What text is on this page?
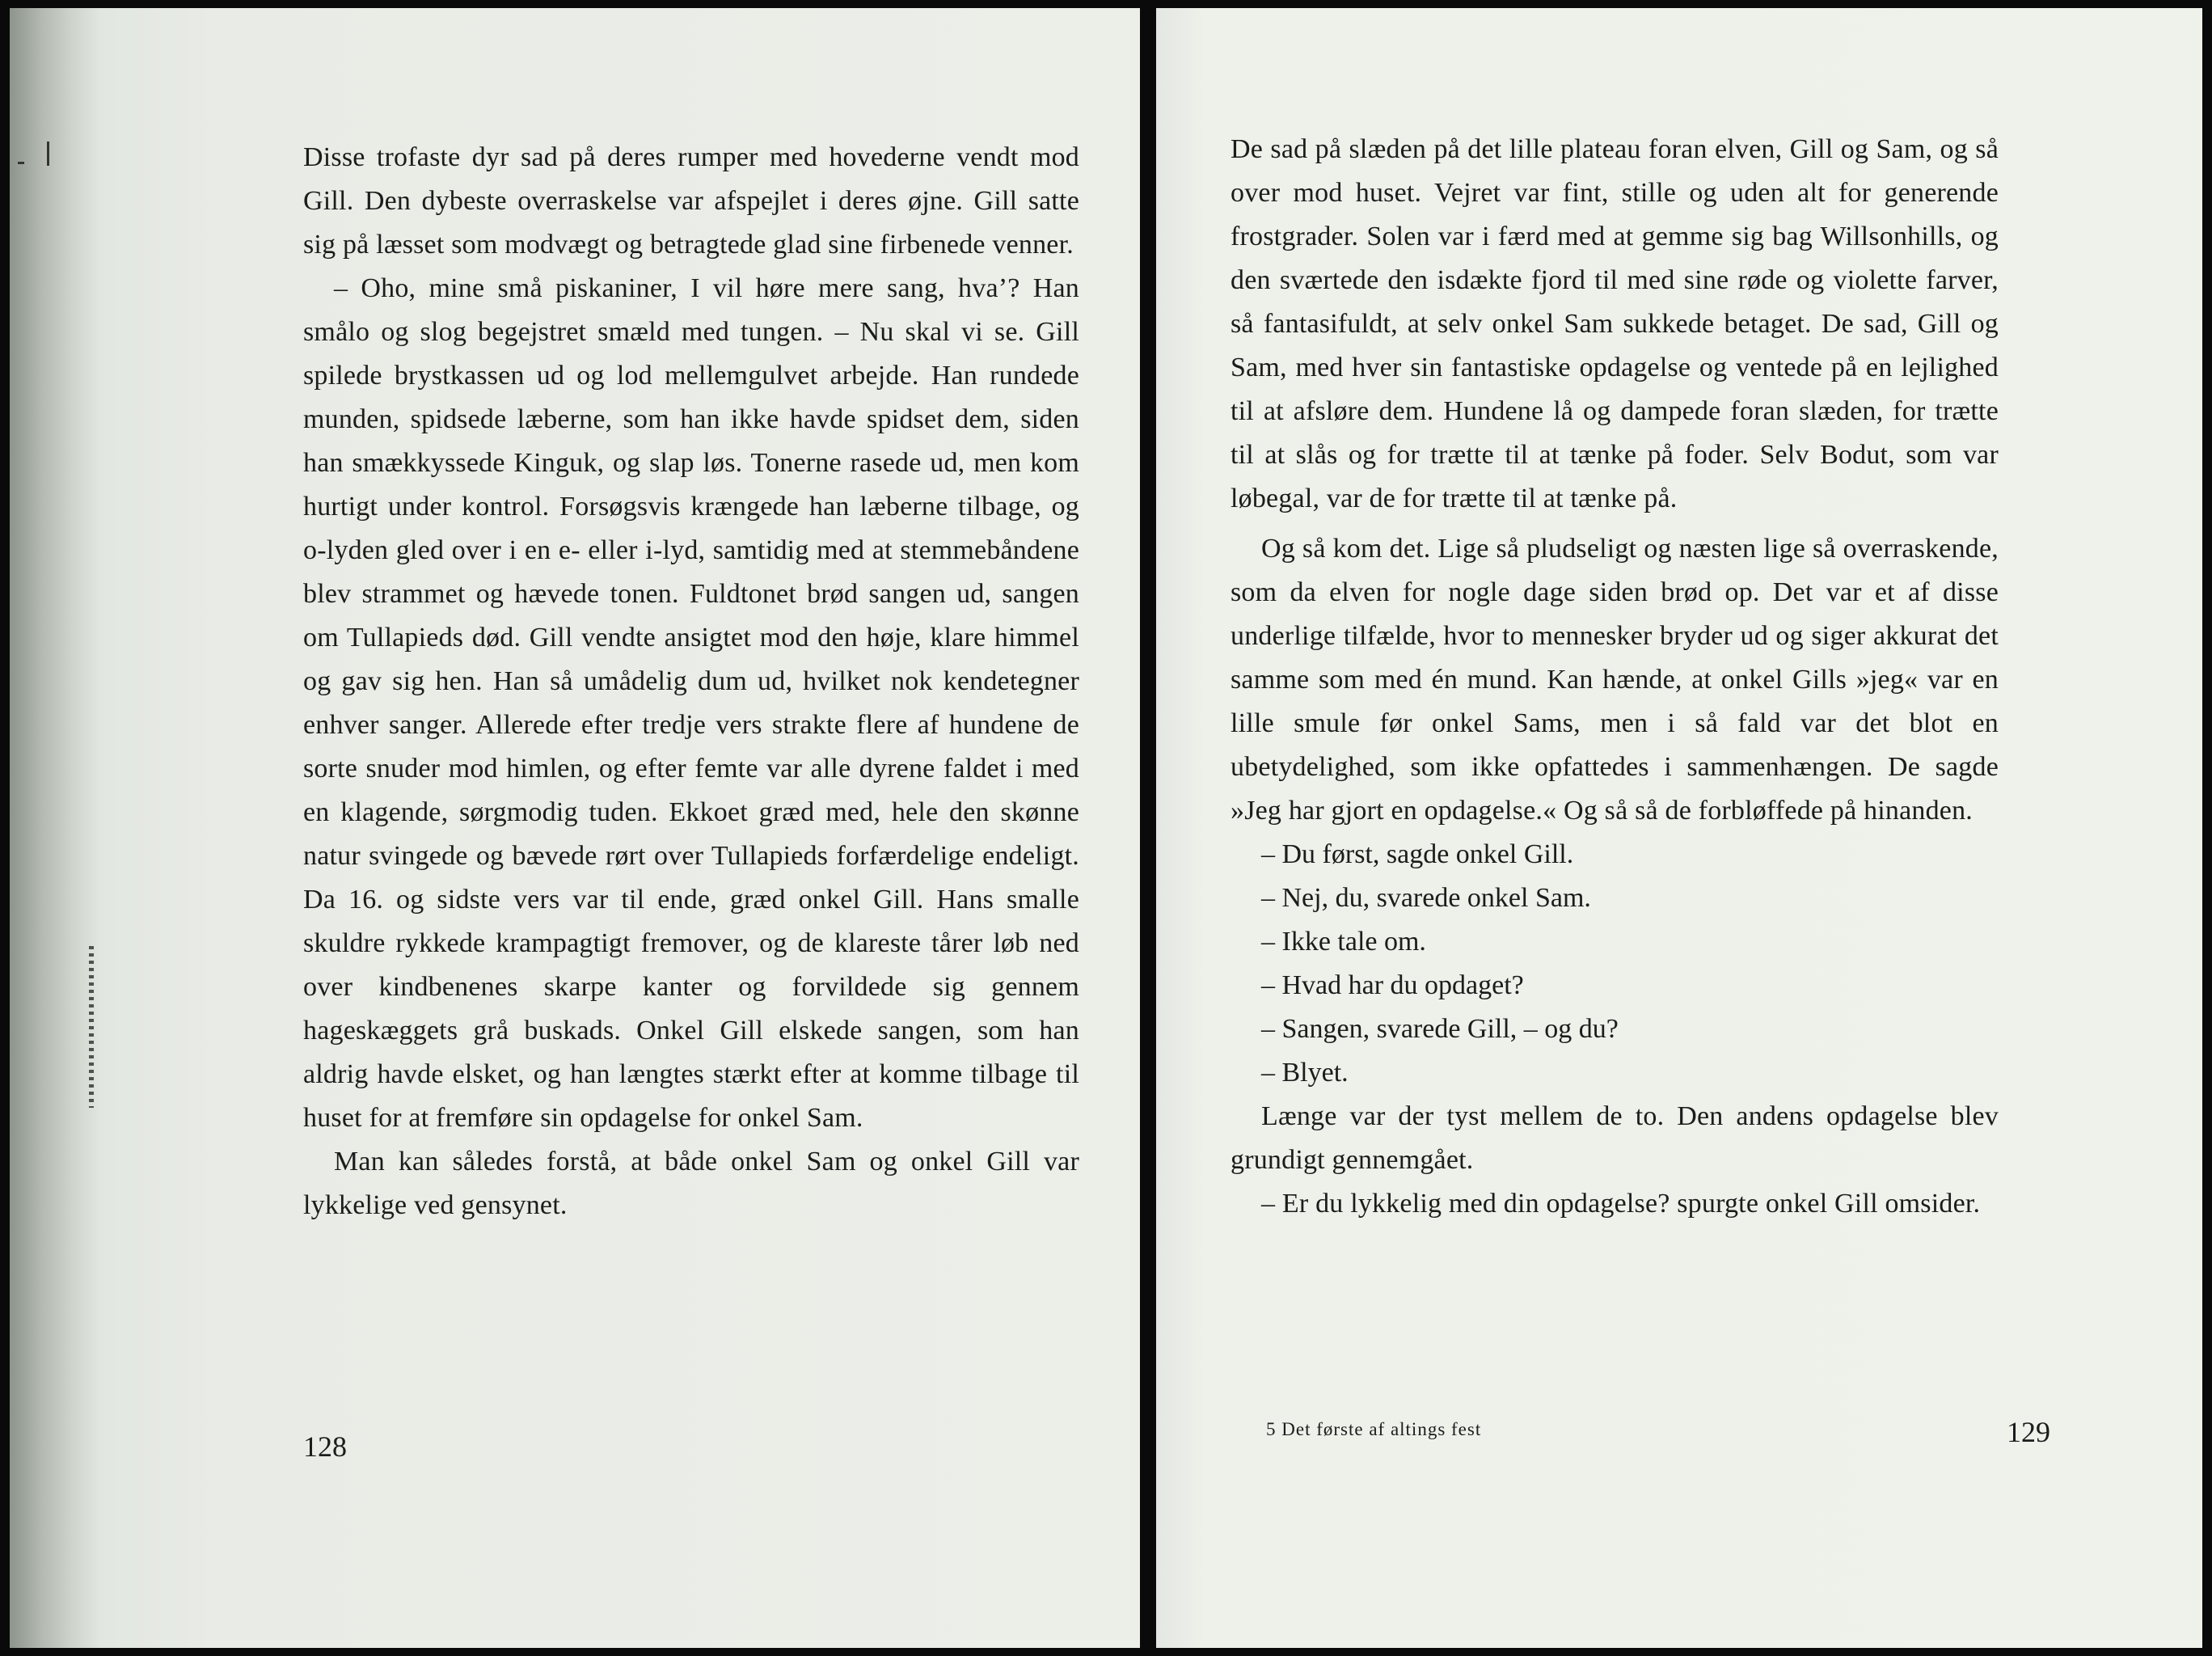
Disse trofaste dyr sad på deres rumper med hovederne vendt mod Gill. Den dybeste overraskelse var afspejlet i deres øjne. Gill satte sig på læsset som modvægt og betragtede glad sine firbenede venner.

– Oho, mine små piskaniner, I vil høre mere sang, hva’? Han smålo og slog begejstret smæld med tungen. – Nu skal vi se. Gill spilede brystkassen ud og lod mellemgulvet arbejde. Han rundede munden, spidsede læberne, som han ikke havde spidset dem, siden han smækkyssede Kinguk, og slap løs. Tonerne rasede ud, men kom hurtigt under kontrol. Forsøgsvis krængede han læberne tilbage, og o-lyden gled over i en e- eller i-lyd, samtidig med at stemmebåndene blev strammet og hævede tonen. Fuldtonet brød sangen ud, sangen om Tullapieds død. Gill vendte ansigtet mod den høje, klare himmel og gav sig hen. Han så umådelig dum ud, hvilket nok kendetegner enhver sanger. Allerede efter tredje vers strakte flere af hundene de sorte snuder mod himlen, og efter femte var alle dyrene faldet i med en klagende, sørgmodig tuden. Ekkoet græd med, hele den skønne natur svingede og bævede rørt over Tullapieds forfærdelige endeligt. Da 16. og sidste vers var til ende, græd onkel Gill. Hans smalle skuldre rykkede krampagtigt fremover, og de klareste tårer løb ned over kindbenenes skarpe kanter og forvildede sig gennem hageskæggets grå buskads. Onkel Gill elskede sangen, som han aldrig havde elsket, og han længtes stærkt efter at komme tilbage til huset for at fremføre sin opdagelse for onkel Sam.

Man kan således forstå, at både onkel Sam og onkel Gill var lykkelige ved gensynet.

128

De sad på slæden på det lille plateau foran elven, Gill og Sam, og så over mod huset. Vejret var fint, stille og uden alt for generende frostgrader. Solen var i færd med at gemme sig bag Willsonhills, og den sværtede den isdækte fjord til med sine røde og violette farver, så fantasifuldt, at selv onkel Sam sukkede betaget. De sad, Gill og Sam, med hver sin fantastiske opdagelse og ventede på en lejlighed til at afsløre dem. Hundene lå og dampede foran slæden, for trætte til at slås og for trætte til at tænke på foder. Selv Bodut, som var løbegal, var de for trætte til at tænke på.

Og så kom det. Lige så pludseligt og næsten lige så overraskende, som da elven for nogle dage siden brød op. Det var et af disse underlige tilfælde, hvor to mennesker bryder ud og siger akkurat det samme som med én mund. Kan hænde, at onkel Gills »jeg« var en lille smule før onkel Sams, men i så fald var det blot en ubetydelighed, som ikke opfattedes i sammenhængen. De sagde »Jeg har gjort en opdagelse.« Og så så de forbløffede på hinanden.

– Du først, sagde onkel Gill.

– Nej, du, svarede onkel Sam.

– Ikke tale om.

– Hvad har du opdaget?

– Sangen, svarede Gill, – og du?

– Blyet.

Længe var der tyst mellem de to. Den andens opdagelse blev grundigt gennemgået.

– Er du lykkelig med din opdagelse? spurgte onkel Gill omsider.

5 Det første af altings fest	129
